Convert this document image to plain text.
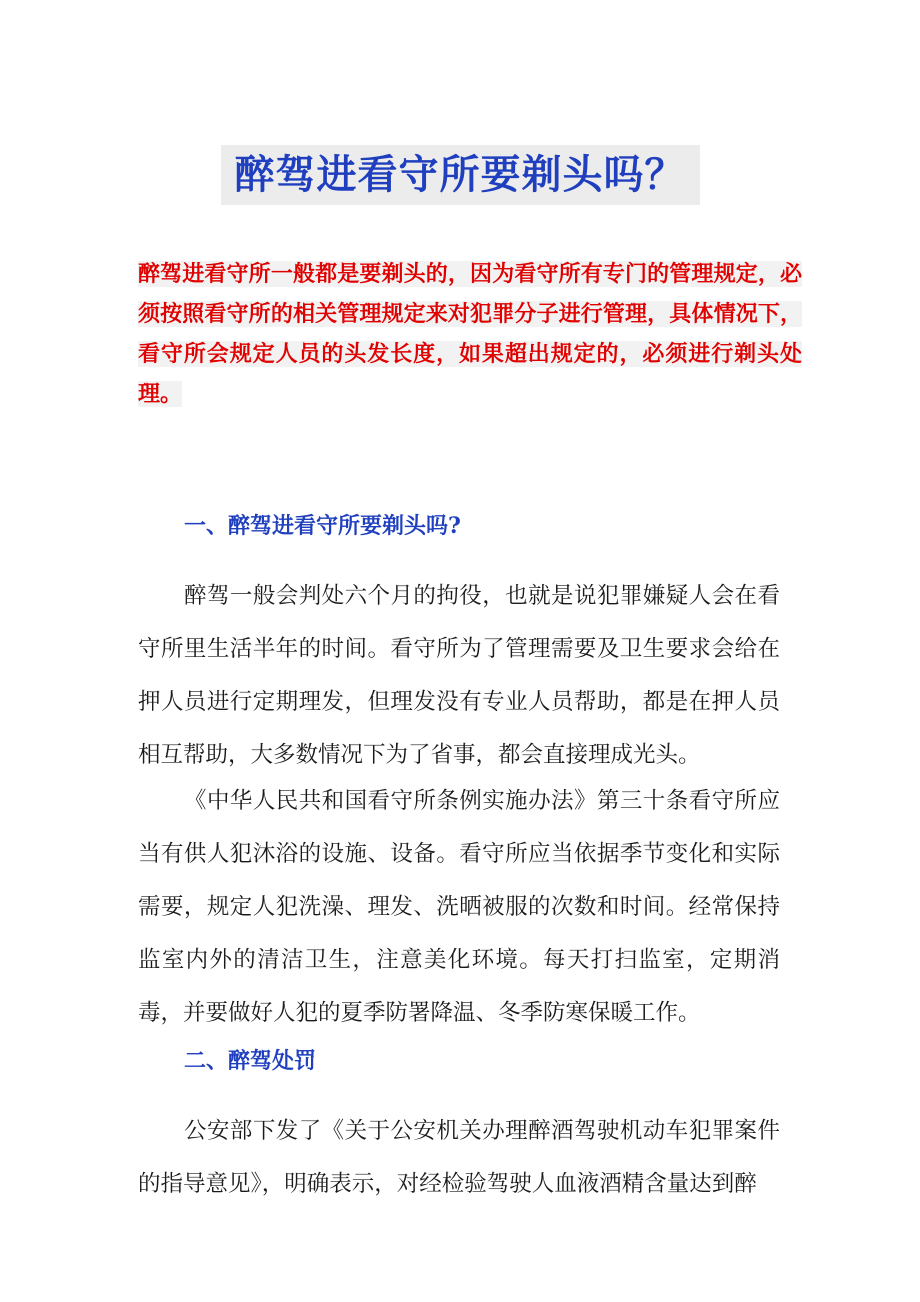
醉驾进看守所要剃头吗？

醉驾进看守所一般都是要剃头的，因为看守所有专门的管理规定，必须按照看守所的相关管理规定来对犯罪分子进行管理，具体情况下，看守所会规定人员的头发长度，如果超出规定的，必须进行剃头处理。

一、醉驾进看守所要剃头吗?

醉驾一般会判处六个月的拘役，也就是说犯罪嫌疑人会在看守所里生活半年的时间。看守所为了管理需要及卫生要求会给在押人员进行定期理发，但理发没有专业人员帮助，都是在押人员相互帮助，大多数情况下为了省事，都会直接理成光头。

《中华人民共和国看守所条例实施办法》第三十条看守所应当有供人犯沐浴的设施、设备。看守所应当依据季节变化和实际需要，规定人犯洗澡、理发、洗晒被服的次数和时间。经常保持监室内外的清洁卫生，注意美化环境。每天打扫监室，定期消毒，并要做好人犯的夏季防署降温、冬季防寒保暖工作。

二、醉驾处罚

公安部下发了《关于公安机关办理醉酒驾驶机动车犯罪案件的指导意见》，明确表示，对经检验驾驶人血液酒精含量达到醉
